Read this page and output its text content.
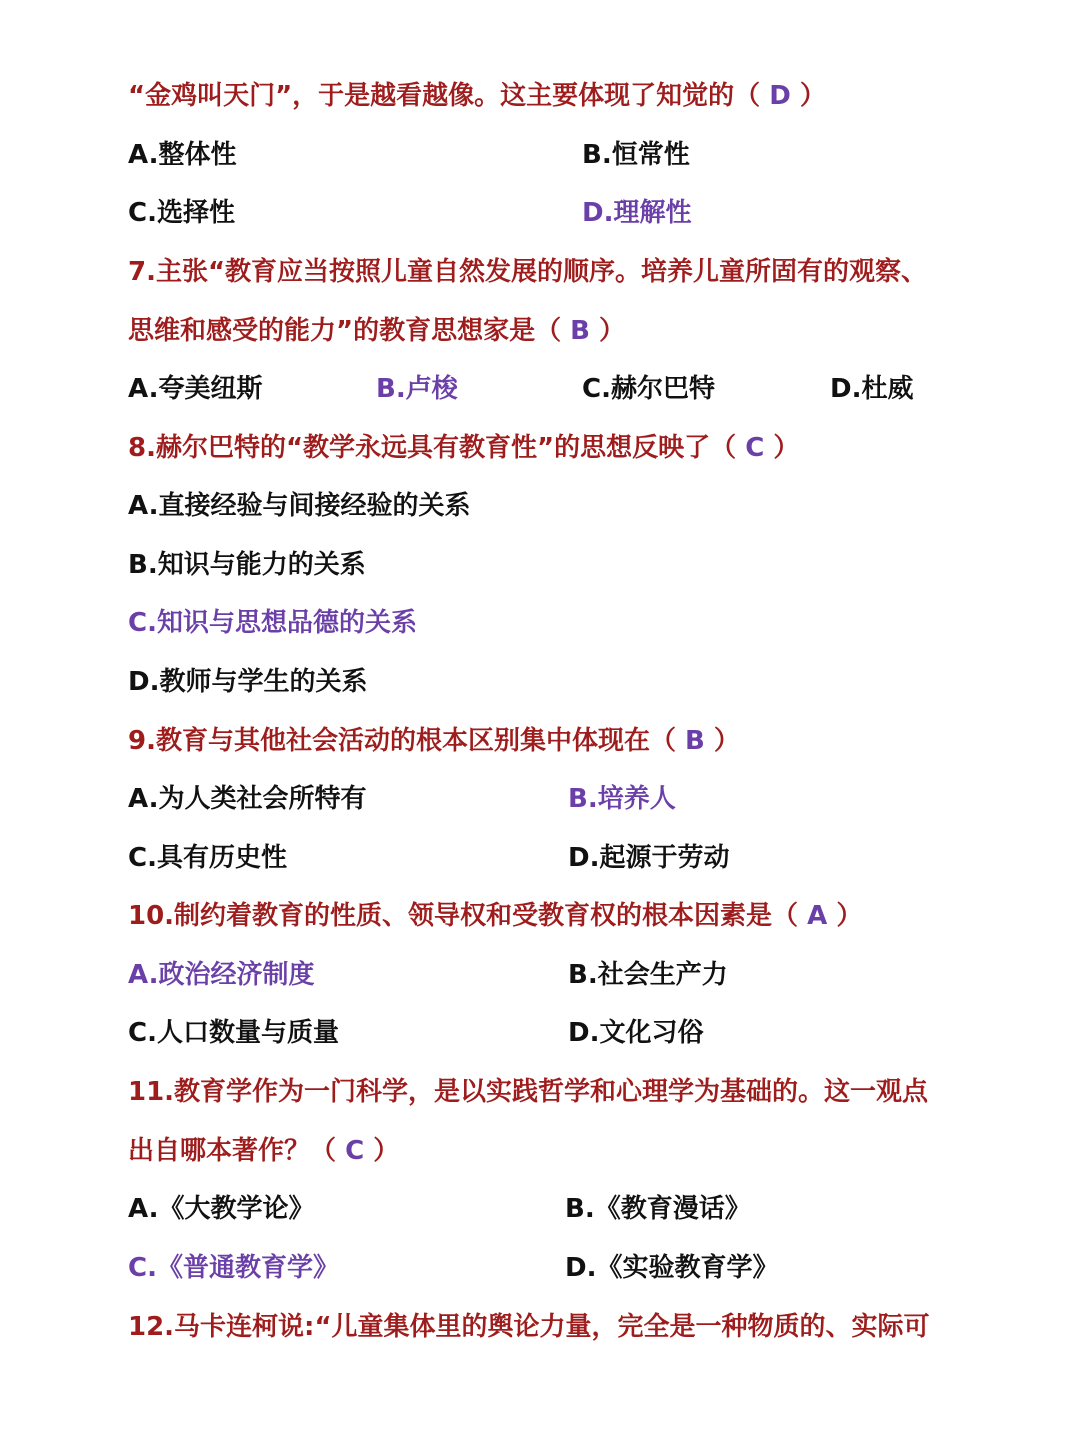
“金鸡叫天门”，于是越看越像。这主要体现了知觉的（ D ）
A.整体性	B.恒常性
C.选择性	D.理解性
7.主张“教育应当按照儿童自然发展的顺序。培养儿童所固有的观察、
思维和感受的能力”的教育思想家是（ B ）
A.夸美纽斯	B.卢梭	C.赫尔巴特	D.杜威
8.赫尔巴特的“教学永远具有教育性”的思想反映了（ C ）
A.直接经验与间接经验的关系
B.知识与能力的关系
C.知识与思想品德的关系
D.教师与学生的关系
9.教育与其他社会活动的根本区别集中体现在（ B ）
A.为人类社会所特有	B.培养人
C.具有历史性	D.起源于劳动
10.制约着教育的性质、领导权和受教育权的根本因素是（ A ）
A.政治经济制度	B.社会生产力
C.人口数量与质量	D.文化习俗
11.教育学作为一门科学，是以实践哲学和心理学为基础的。这一观点
出自哪本著作？（ C ）
A.《大教学论》	B.《教育漫话》
C.《普通教育学》	D.《实验教育学》
12.马卡连柯说:“儿童集体里的舆论力量，完全是一种物质的、实际可
